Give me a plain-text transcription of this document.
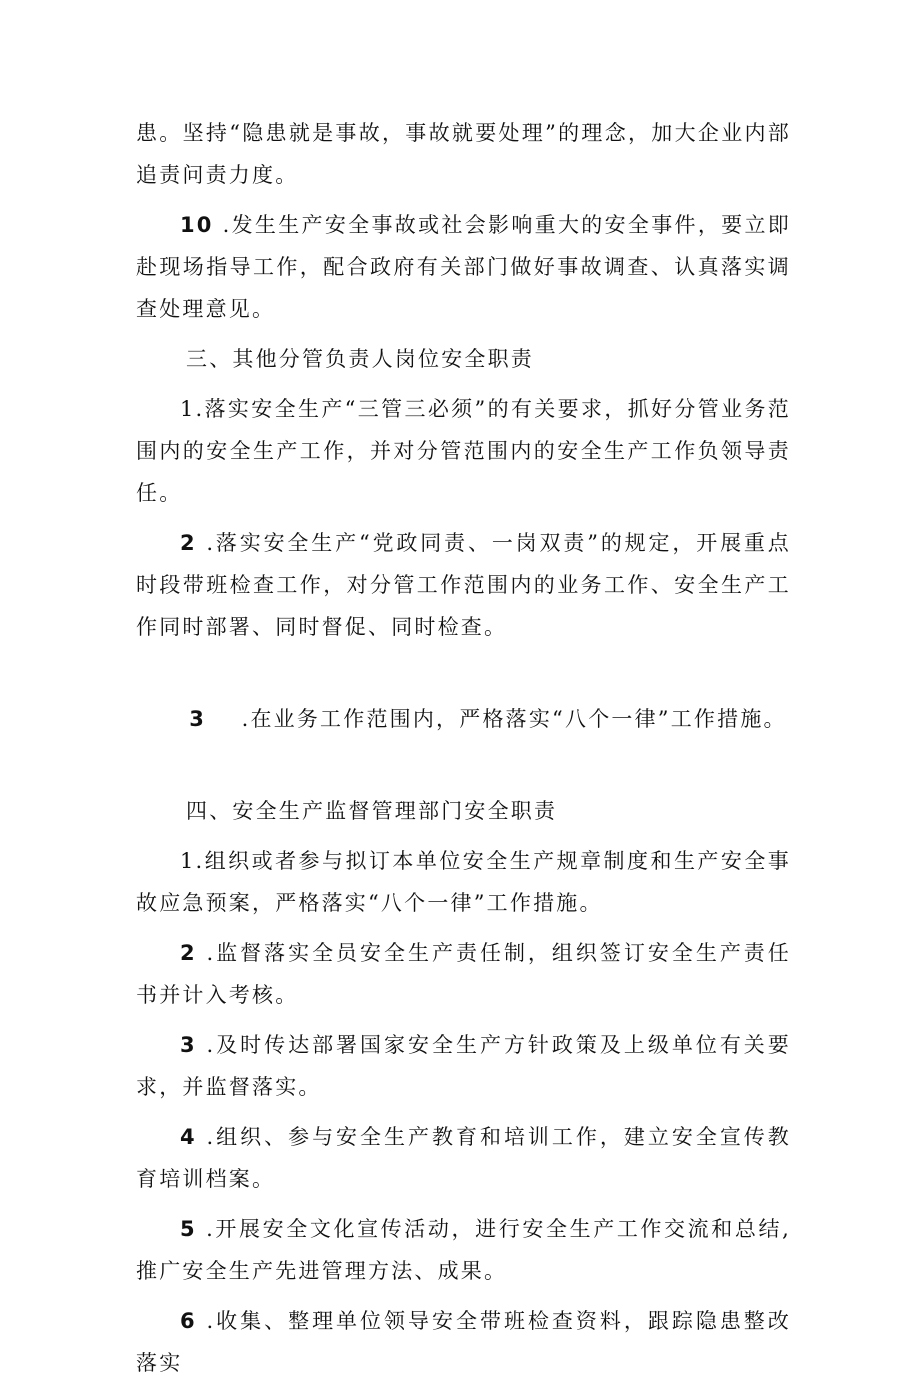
患。坚持“隐患就是事故，事故就要处理”的理念，加大企业内部追责问责力度。

10 .发生生产安全事故或社会影响重大的安全事件，要立即赴现场指导工作，配合政府有关部门做好事故调查、认真落实调查处理意见。

三、其他分管负责人岗位安全职责

1.落实安全生产“三管三必须”的有关要求，抓好分管业务范围内的安全生产工作，并对分管范围内的安全生产工作负领导责任。

2 .落实安全生产“党政同责、一岗双责”的规定，开展重点时段带班检查工作，对分管工作范围内的业务工作、安全生产工作同时部署、同时督促、同时检查。

3    .在业务工作范围内，严格落实“八个一律”工作措施。

四、安全生产监督管理部门安全职责

1.组织或者参与拟订本单位安全生产规章制度和生产安全事故应急预案，严格落实“八个一律”工作措施。

2 .监督落实全员安全生产责任制，组织签订安全生产责任书并计入考核。

3 .及时传达部署国家安全生产方针政策及上级单位有关要求，并监督落实。

4 .组织、参与安全生产教育和培训工作，建立安全宣传教育培训档案。

5 .开展安全文化宣传活动，进行安全生产工作交流和总结,推广安全生产先进管理方法、成果。

6 .收集、整理单位领导安全带班检查资料，跟踪隐患整改落实
